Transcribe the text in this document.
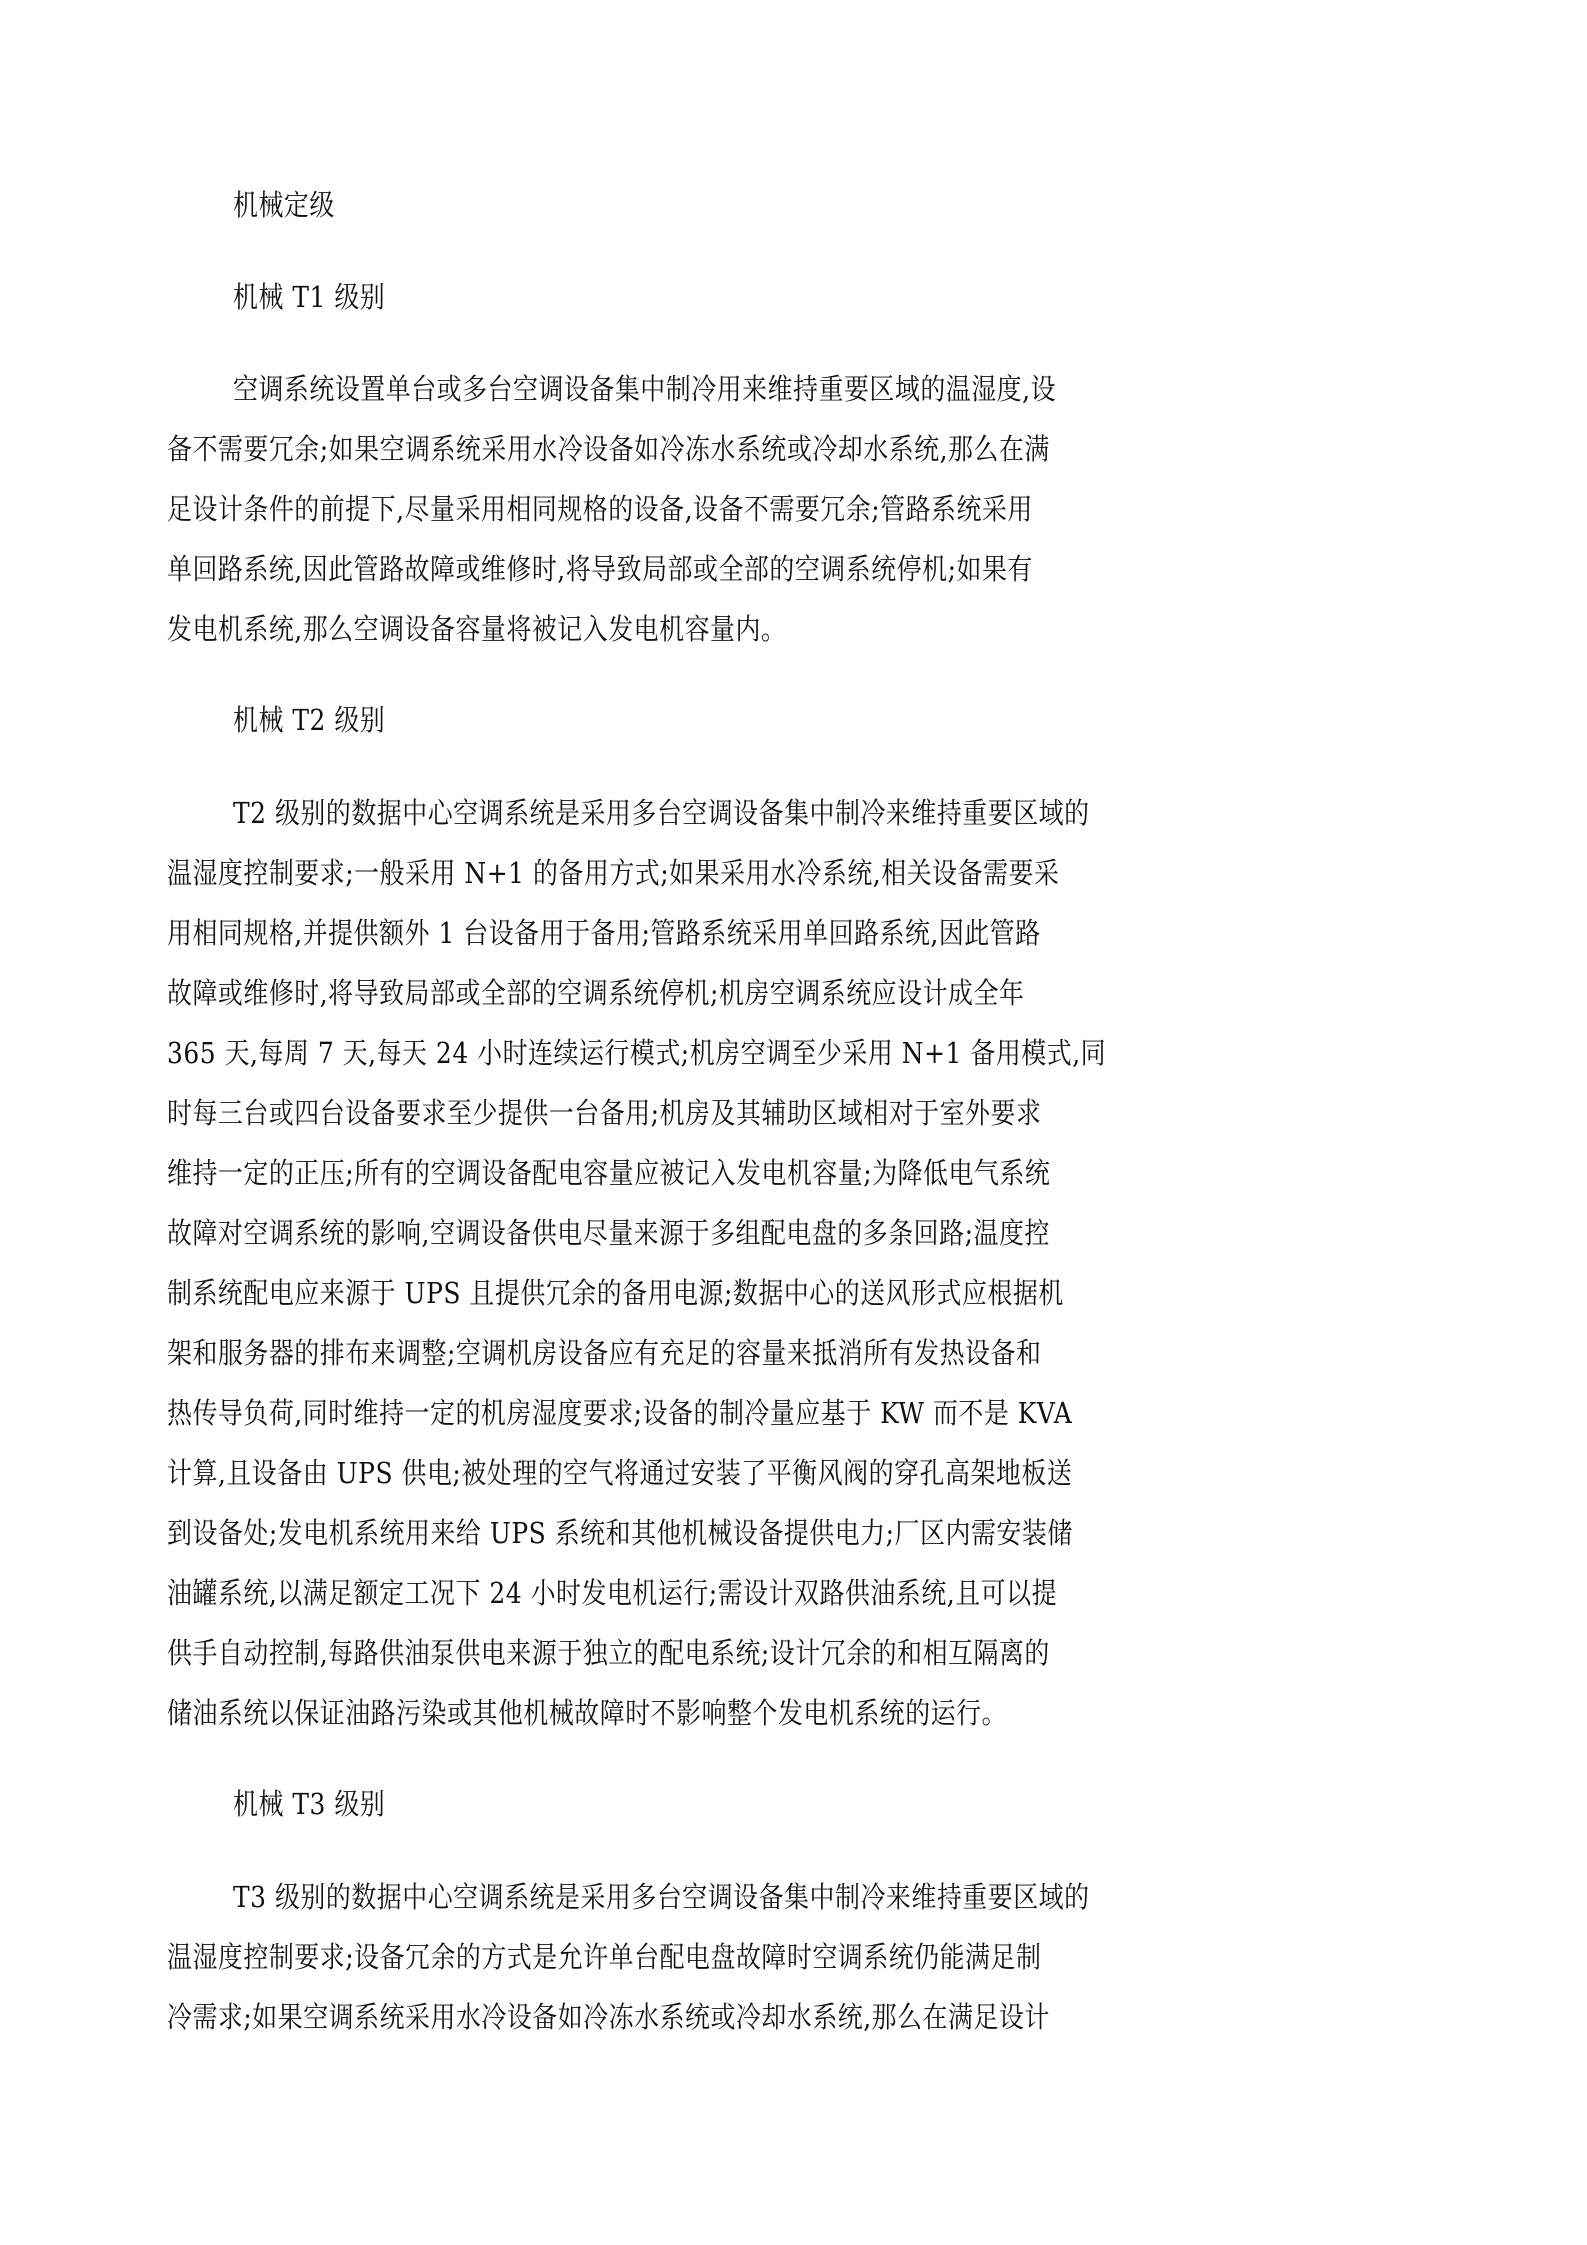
机械定级
机械 T1 级别
空调系统设置单台或多台空调设备集中制冷用来维持重要区域的温湿度,设
备不需要冗余;如果空调系统采用水冷设备如冷冻水系统或冷却水系统,那么在满
足设计条件的前提下,尽量采用相同规格的设备,设备不需要冗余;管路系统采用
单回路系统,因此管路故障或维修时,将导致局部或全部的空调系统停机;如果有
发电机系统,那么空调设备容量将被记入发电机容量内。
机械 T2 级别
T2 级别的数据中心空调系统是采用多台空调设备集中制冷来维持重要区域的
温湿度控制要求;一般采用 N+1 的备用方式;如果采用水冷系统,相关设备需要采
用相同规格,并提供额外 1 台设备用于备用;管路系统采用单回路系统,因此管路
故障或维修时,将导致局部或全部的空调系统停机;机房空调系统应设计成全年
365 天,每周 7 天,每天 24 小时连续运行模式;机房空调至少采用 N+1 备用模式,同
时每三台或四台设备要求至少提供一台备用;机房及其辅助区域相对于室外要求
维持一定的正压;所有的空调设备配电容量应被记入发电机容量;为降低电气系统
故障对空调系统的影响,空调设备供电尽量来源于多组配电盘的多条回路;温度控
制系统配电应来源于 UPS 且提供冗余的备用电源;数据中心的送风形式应根据机
架和服务器的排布来调整;空调机房设备应有充足的容量来抵消所有发热设备和
热传导负荷,同时维持一定的机房湿度要求;设备的制冷量应基于 KW 而不是 KVA
计算,且设备由 UPS 供电;被处理的空气将通过安装了平衡风阀的穿孔高架地板送
到设备处;发电机系统用来给 UPS 系统和其他机械设备提供电力;厂区内需安装储
油罐系统,以满足额定工况下 24 小时发电机运行;需设计双路供油系统,且可以提
供手自动控制,每路供油泵供电来源于独立的配电系统;设计冗余的和相互隔离的
储油系统以保证油路污染或其他机械故障时不影响整个发电机系统的运行。
机械 T3 级别
T3 级别的数据中心空调系统是采用多台空调设备集中制冷来维持重要区域的
温湿度控制要求;设备冗余的方式是允许单台配电盘故障时空调系统仍能满足制
冷需求;如果空调系统采用水冷设备如冷冻水系统或冷却水系统,那么在满足设计
